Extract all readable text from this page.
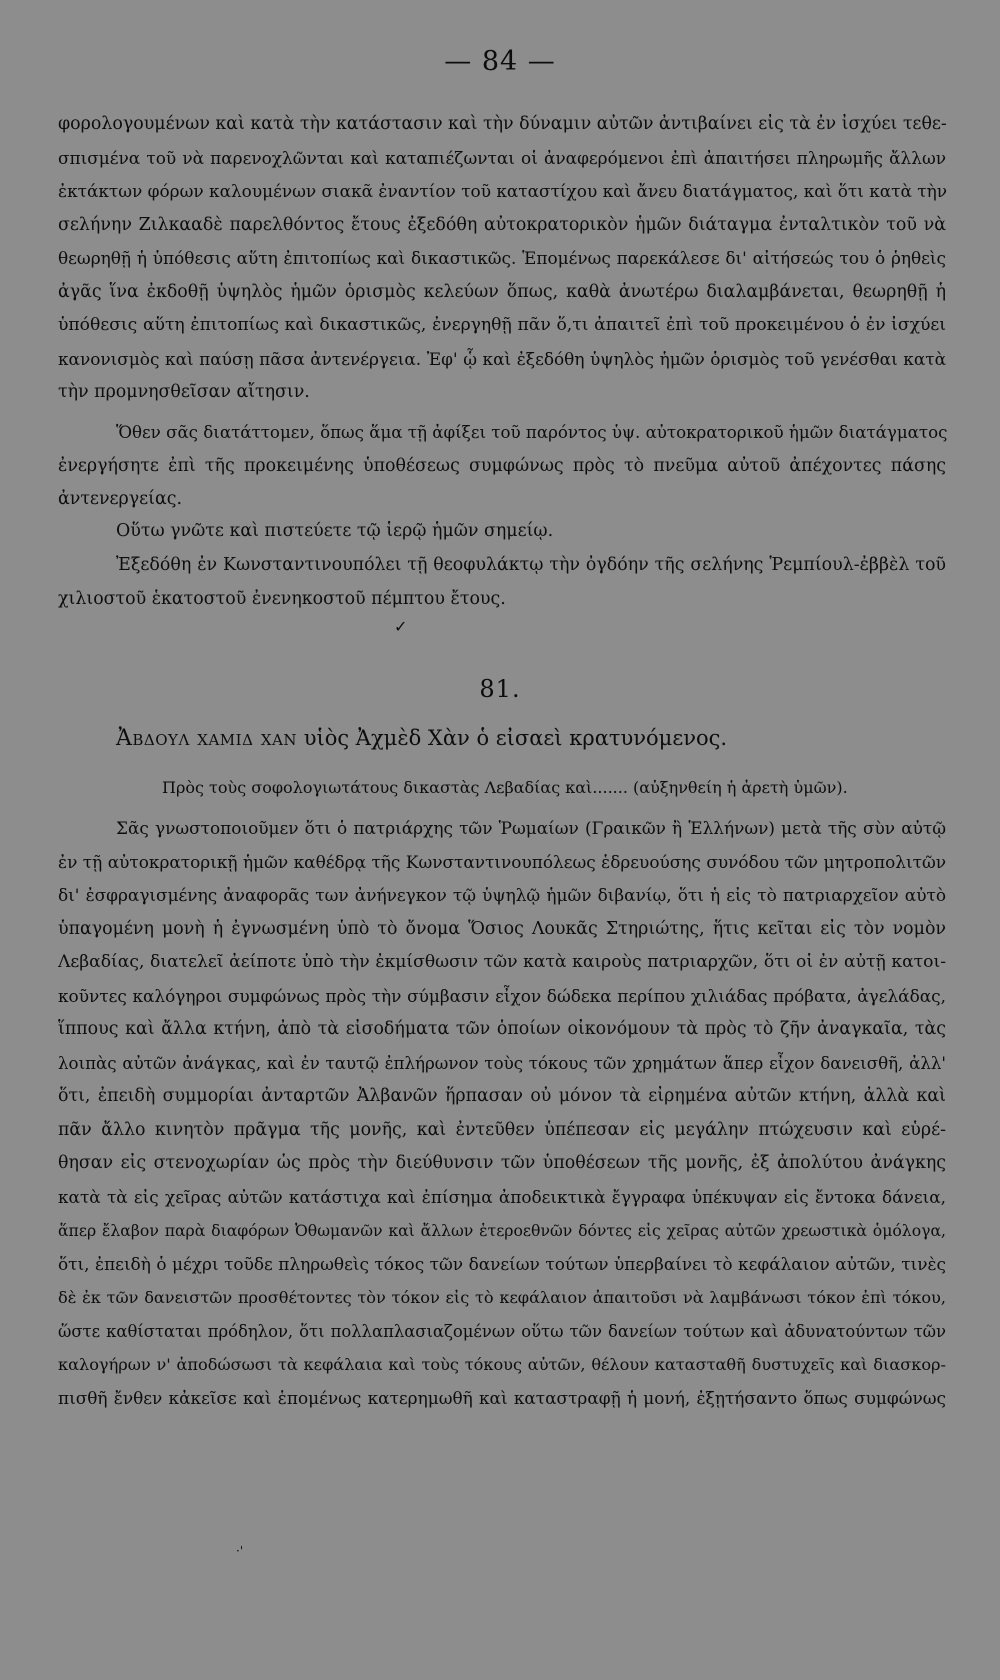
— 84 —
φορολογουμένων καὶ κατὰ τὴν κατάστασιν καὶ τὴν δύναμιν αὐτῶν ἀντιβαίνει εἰς τὰ ἐν ἰσχύει τεθε-
σπισμένα τοῦ νὰ παρενοχλῶνται καὶ καταπιέζωνται οἱ ἀναφερόμενοι ἐπὶ ἀπαιτήσει πληρωμῆς ἄλλων
ἐκτάκτων φόρων καλουμένων σιακᾶ ἐναντίον τοῦ καταστίχου καὶ ἄνευ διατάγματος, καὶ ὅτι κατὰ τὴν
σελήνην Ζιλκααδὲ παρελθόντος ἔτους ἐξεδόθη αὐτοκρατορικὸν ἡμῶν διάταγμα ἐνταλτικὸν τοῦ νὰ
θεωρηθῇ ἡ ὑπόθεσις αὕτη ἐπιτοπίως καὶ δικαστικῶς. Ἑπομένως παρεκάλεσε δι' αἰτήσεώς του ὁ ῥηθεὶς
ἀγᾶς ἵνα ἐκδοθῇ ὑψηλὸς ἡμῶν ὁρισμὸς κελεύων ὅπως, καθὰ ἀνωτέρω διαλαμβάνεται, θεωρηθῇ ἡ
ὑπόθεσις αὕτη ἐπιτοπίως καὶ δικαστικῶς, ἐνεργηθῇ πᾶν ὅ,τι ἀπαιτεῖ ἐπὶ τοῦ προκειμένου ὁ ἐν ἰσχύει
κανονισμὸς καὶ παύσῃ πᾶσα ἀντενέργεια. Ἐφ' ᾧ καὶ ἐξεδόθη ὑψηλὸς ἡμῶν ὁρισμὸς τοῦ γενέσθαι κατὰ
τὴν προμνησθεῖσαν αἴτησιν.
Ὅθεν σᾶς διατάττομεν, ὅπως ἅμα τῇ ἀφίξει τοῦ παρόντος ὑψ. αὐτοκρατορικοῦ ἡμῶν διατάγματος
ἐνεργήσητε ἐπὶ τῆς προκειμένης ὑποθέσεως συμφώνως πρὸς τὸ πνεῦμα αὐτοῦ ἀπέχοντες πάσης
ἀντενεργείας.
Οὕτω γνῶτε καὶ πιστεύετε τῷ ἱερῷ ἡμῶν σημείῳ.
Ἐξεδόθη ἐν Κωνσταντινουπόλει τῇ θεοφυλάκτῳ τὴν ὀγδόην τῆς σελήνης Ῥεμπίουλ-ἐββὲλ τοῦ
χιλιοστοῦ ἑκατοστοῦ ἐνενηκοστοῦ πέμπτου ἔτους.
✓
81.
Ἀβδουλ χαμιδ χαν υἱὸς Ἀχμὲδ Χὰν ὁ εἰσαεὶ κρατυνόμενος.
Πρὸς τοὺς σοφολογιωτάτους δικαστὰς Λεβαδίας καὶ....... (αὐξηνθείη ἡ ἀρετὴ ὑμῶν).
Σᾶς γνωστοποιοῦμεν ὅτι ὁ πατριάρχης τῶν Ῥωμαίων (Γραικῶν ἢ Ἑλλήνων) μετὰ τῆς σὺν αὐτῷ
ἐν τῇ αὐτοκρατορικῇ ἡμῶν καθέδρᾳ τῆς Κωνσταντινουπόλεως ἑδρευούσης συνόδου τῶν μητροπολιτῶν
δι' ἐσφραγισμένης ἀναφορᾶς των ἀνήνεγκον τῷ ὑψηλῷ ἡμῶν διβανίῳ, ὅτι ἡ εἰς τὸ πατριαρχεῖον αὐτὸ
ὑπαγομένη μονὴ ἡ ἐγνωσμένη ὑπὸ τὸ ὄνομα Ὅσιος Λουκᾶς Στηριώτης, ἥτις κεῖται εἰς τὸν νομὸν
Λεβαδίας, διατελεῖ ἀείποτε ὑπὸ τὴν ἐκμίσθωσιν τῶν κατὰ καιροὺς πατριαρχῶν, ὅτι οἱ ἐν αὐτῇ κατοι-
κοῦντες καλόγηροι συμφώνως πρὸς τὴν σύμβασιν εἶχον δώδεκα περίπου χιλιάδας πρόβατα, ἀγελάδας,
ἵππους καὶ ἄλλα κτήνη, ἀπὸ τὰ εἰσοδήματα τῶν ὁποίων οἰκονόμουν τὰ πρὸς τὸ ζῆν ἀναγκαῖα, τὰς
λοιπὰς αὐτῶν ἀνάγκας, καὶ ἐν ταυτῷ ἐπλήρωνον τοὺς τόκους τῶν χρημάτων ἅπερ εἶχον δανεισθῆ, ἀλλ'
ὅτι, ἐπειδὴ συμμορίαι ἀνταρτῶν Ἀλβανῶν ἥρπασαν οὐ μόνον τὰ εἰρημένα αὐτῶν κτήνη, ἀλλὰ καὶ
πᾶν ἄλλο κινητὸν πρᾶγμα τῆς μονῆς, καὶ ἐντεῦθεν ὑπέπεσαν εἰς μεγάλην πτώχευσιν καὶ εὑρέ-
θησαν εἰς στενοχωρίαν ὡς πρὸς τὴν διεύθυνσιν τῶν ὑποθέσεων τῆς μονῆς, ἐξ ἀπολύτου ἀνάγκης
κατὰ τὰ εἰς χεῖρας αὐτῶν κατάστιχα καὶ ἐπίσημα ἀποδεικτικὰ ἔγγραφα ὑπέκυψαν εἰς ἔντοκα δάνεια,
ἅπερ ἔλαβον παρὰ διαφόρων Ὀθωμανῶν καὶ ἄλλων ἑτεροεθνῶν δόντες εἰς χεῖρας αὐτῶν χρεωστικὰ ὁμόλογα,
ὅτι, ἐπειδὴ ὁ μέχρι τοῦδε πληρωθεὶς τόκος τῶν δανείων τούτων ὑπερβαίνει τὸ κεφάλαιον αὐτῶν, τινὲς
δὲ ἐκ τῶν δανειστῶν προσθέτοντες τὸν τόκον εἰς τὸ κεφάλαιον ἀπαιτοῦσι νὰ λαμβάνωσι τόκον ἐπὶ τόκου,
ὥστε καθίσταται πρόδηλον, ὅτι πολλαπλασιαζομένων οὕτω τῶν δανείων τούτων καὶ ἀδυνατούντων τῶν
καλογήρων ν' ἀποδώσωσι τὰ κεφάλαια καὶ τοὺς τόκους αὐτῶν, θέλουν κατασταθῆ δυστυχεῖς καὶ διασκορ-
πισθῆ ἔνθεν κἀκεῖσε καὶ ἑπομένως κατερημωθῆ καὶ καταστραφῇ ἡ μονή, ἐξῃτήσαντο ὅπως συμφώνως
·'
